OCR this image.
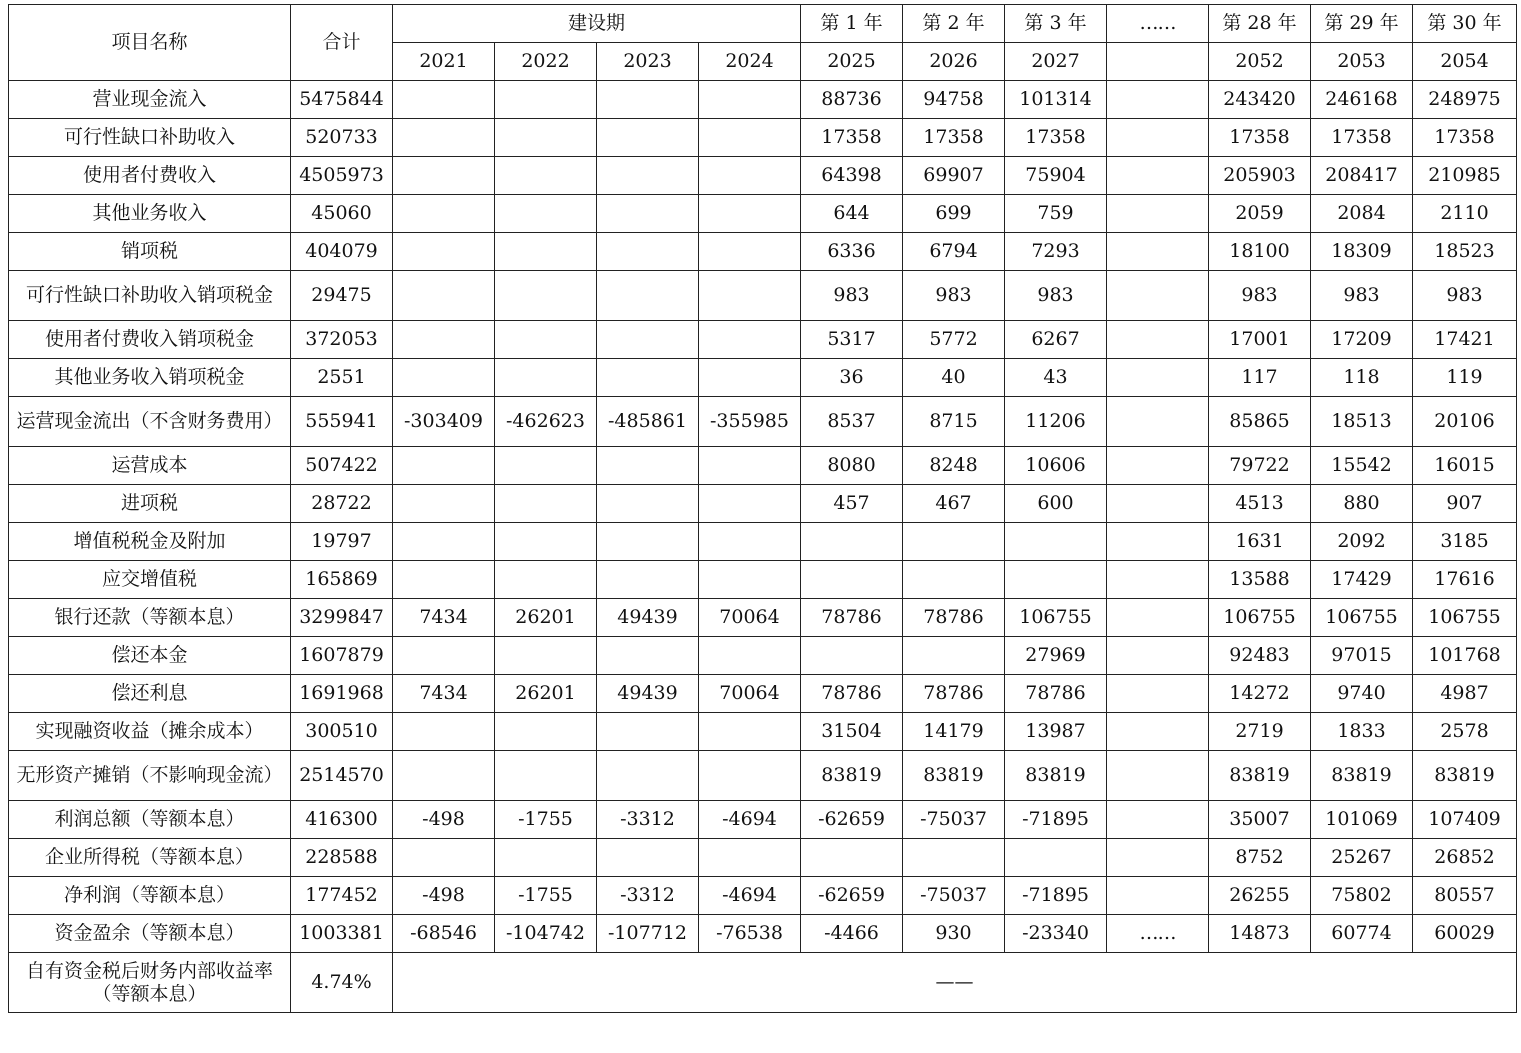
项目名称	合计	建设期				第 1 年	第 2 年	第 3 年	……	第 28 年	第 29 年	第 30 年
		2021	2022	2023	2024	2025	2026	2027		2052	2053	2054
营业现金流入	5475844					88736	94758	101314		243420	246168	248975
可行性缺口补助收入	520733					17358	17358	17358		17358	17358	17358
使用者付费收入	4505973					64398	69907	75904		205903	208417	210985
其他业务收入	45060					644	699	759		2059	2084	2110
销项税	404079					6336	6794	7293		18100	18309	18523
可行性缺口补助收入销项税金	29475					983	983	983		983	983	983
使用者付费收入销项税金	372053					5317	5772	6267		17001	17209	17421
其他业务收入销项税金	2551					36	40	43		117	118	119
运营现金流出（不含财务费用）	555941	-303409	-462623	-485861	-355985	8537	8715	11206		85865	18513	20106
运营成本	507422					8080	8248	10606		79722	15542	16015
进项税	28722					457	467	600		4513	880	907
增值税税金及附加	19797									1631	2092	3185
应交增值税	165869									13588	17429	17616
银行还款（等额本息）	3299847	7434	26201	49439	70064	78786	78786	106755		106755	106755	106755
偿还本金	1607879							27969		92483	97015	101768
偿还利息	1691968	7434	26201	49439	70064	78786	78786	78786		14272	9740	4987
实现融资收益（摊余成本）	300510					31504	14179	13987		2719	1833	2578
无形资产摊销（不影响现金流）	2514570					83819	83819	83819		83819	83819	83819
利润总额（等额本息）	416300	-498	-1755	-3312	-4694	-62659	-75037	-71895		35007	101069	107409
企业所得税（等额本息）	228588									8752	25267	26852
净利润（等额本息）	177452	-498	-1755	-3312	-4694	-62659	-75037	-71895		26255	75802	80557
资金盈余（等额本息）	1003381	-68546	-104742	-107712	-76538	-4466	930	-23340	……	14873	60774	60029
自有资金税后财务内部收益率（等额本息）	4.74%	——										
